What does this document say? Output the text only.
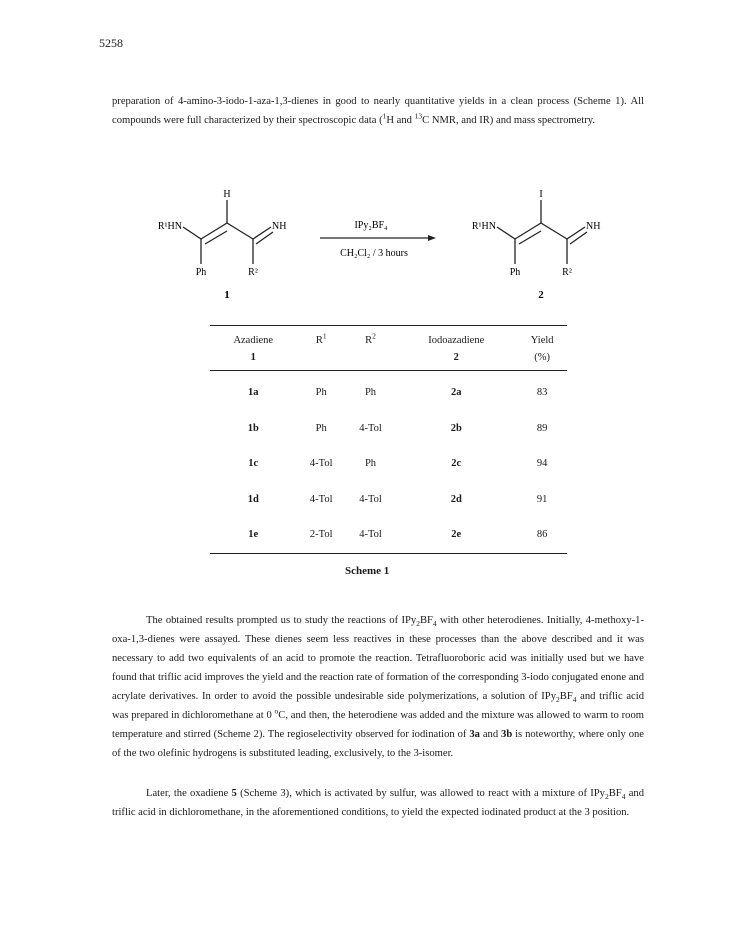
5258

preparation of 4-amino-3-iodo-1-aza-1,3-dienes in good to nearly quantitative yields in a clean process (Scheme 1). All compounds were full characterized by their spectroscopic data ($^1$H and $^{13}$C NMR, and IR) and mass spectrometry.

H
R¹HN	NH
Ph	R²
1
IPy₂BF₄
CH₂Cl₂ / 3 hours
I
R¹HN	NH
Ph	R²
2
Azadiene	$R^1$	$R^2$	Iodoazadiene	Yield
1			2	(%)
1a	Ph	Ph	2a	83
1b	Ph	4-Tol	2b	89
1c	4-Tol	Ph	2c	94
1d	4-Tol	4-Tol	2d	91
1e	2-Tol	4-Tol	2e	86
Scheme 1

The obtained results prompted us to study the reactions of $IPy_2BF_4$ with other heterodienes. Initially, 4-methoxy-1-oxa-1,3-dienes were assayed. These dienes seem less reactives in these processes than the above described and it was necessary to add two equivalents of an acid to promote the reaction. Tetrafluoroboric acid was initially used but we have found that triflic acid improves the yield and the reaction rate of formation of the corresponding 3-iodo conjugated enone and acrylate derivatives. In order to avoid the possible undesirable side polymerizations, a solution of $IPy_2BF_4$ and triflic acid was prepared in dichloromethane at 0 $^o$C, and then, the heterodiene was added and the mixture was allowed to warm to room temperature and stirred (Scheme 2). The regioselectivity observed for iodination of 3a and 3b is noteworthy, where only one of the two olefinic hydrogens is substituted leading, exclusively, to the 3-isomer.

Later, the oxadiene 5 (Scheme 3), which is activated by sulfur, was allowed to react with a mixture of $IPy_2BF_4$ and triflic acid in dichloromethane, in the aforementioned conditions, to yield the expected iodinated product at the 3 position.
